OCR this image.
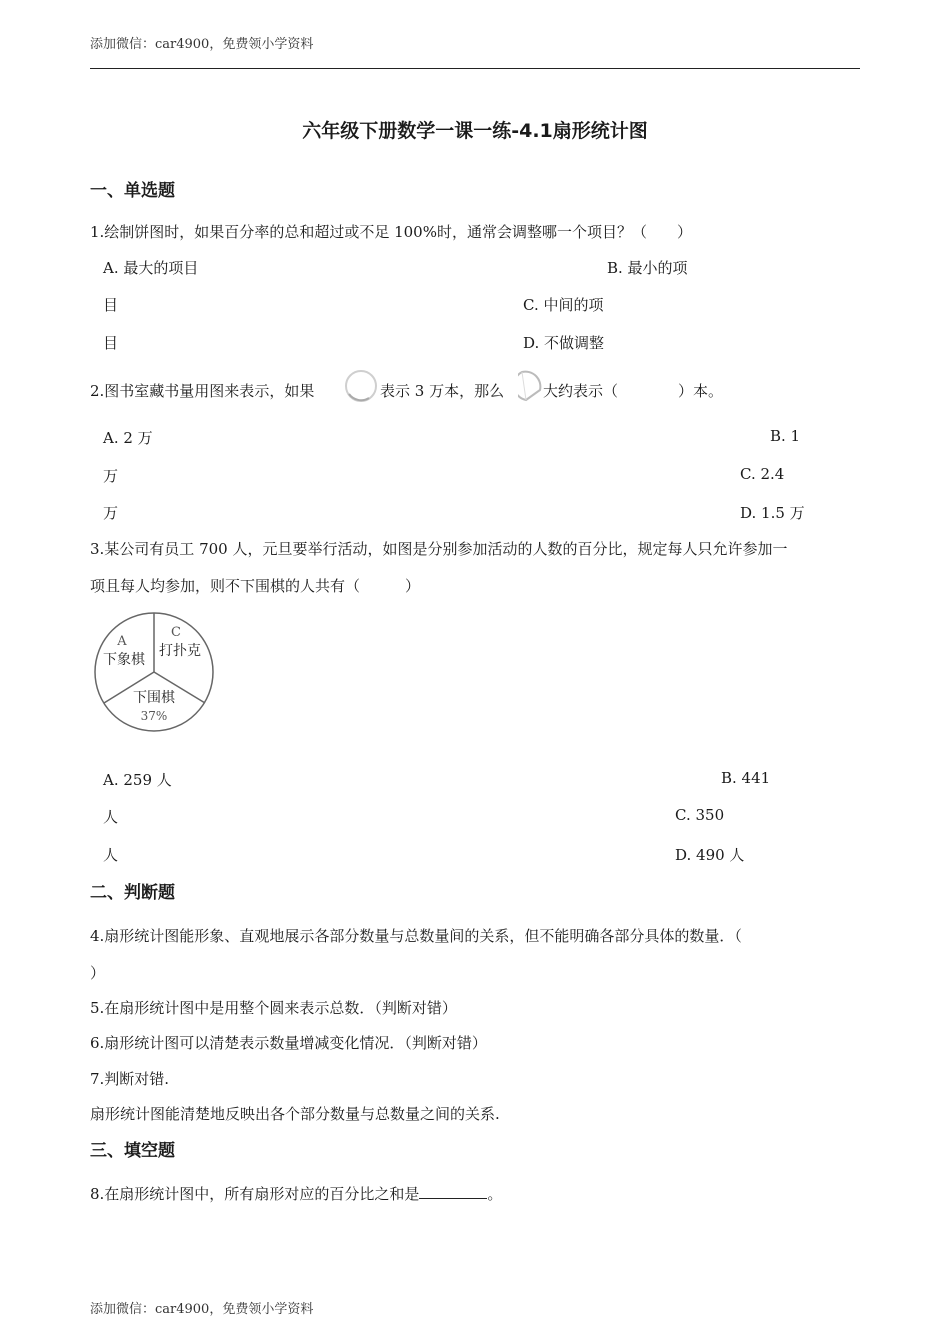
添加微信：car4900，免费领小学资料
六年级下册数学一课一练-4.1扇形统计图
一、单选题
1.绘制饼图时，如果百分率的总和超过或不足 100%时，通常会调整哪一个项目？（　　）
A. 最大的项目	B. 最小的项
目	C. 中间的项
目	D. 不做调整
2.图书室藏书量用图来表示，如果	表示 3 万本，那么	大约表示（　　　　）本。
A. 2 万	B. 1
万	C. 2.4
万	D. 1.5 万
3.某公司有员工 700 人，元旦要举行活动，如图是分别参加活动的人数的百分比，规定每人只允许参加一
项且每人均参加，则不下围棋的人共有（　　　）
A
下象棋
C
打扑克
下围棋
37%
A. 259 人	B. 441
人	C. 350
人	D. 490 人
二、判断题
4.扇形统计图能形象、直观地展示各部分数量与总数量间的关系，但不能明确各部分具体的数量．（
）
5.在扇形统计图中是用整个圆来表示总数．（判断对错）
6.扇形统计图可以清楚表示数量增减变化情况．（判断对错）
7.判断对错.
扇形统计图能清楚地反映出各个部分数量与总数量之间的关系.
三、填空题
8.在扇形统计图中，所有扇形对应的百分比之和是	。
添加微信：car4900，免费领小学资料
